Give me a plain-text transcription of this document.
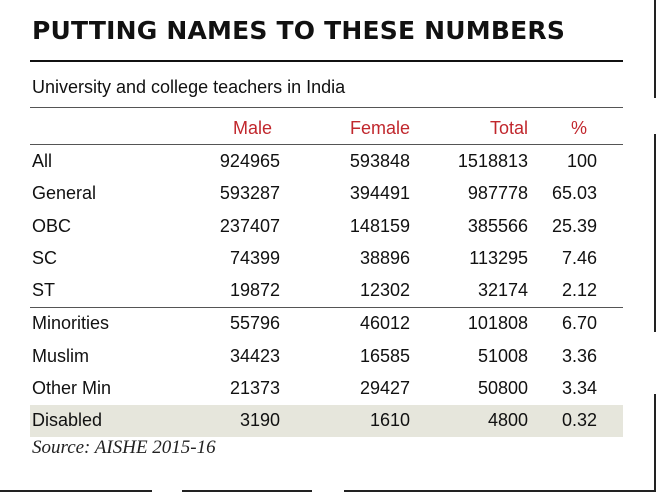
PUTTING NAMES TO THESE NUMBERS
University and college teachers in India
	Male	Female	Total	%
All	924965	593848	1518813	100
General	593287	394491	987778	65.03
OBC	237407	148159	385566	25.39
SC	74399	38896	113295	7.46
ST	19872	12302	32174	2.12
Minorities	55796	46012	101808	6.70
Muslim	34423	16585	51008	3.36
Other Min	21373	29427	50800	3.34
Disabled	3190	1610	4800	0.32
Source: AISHE 2015-16
